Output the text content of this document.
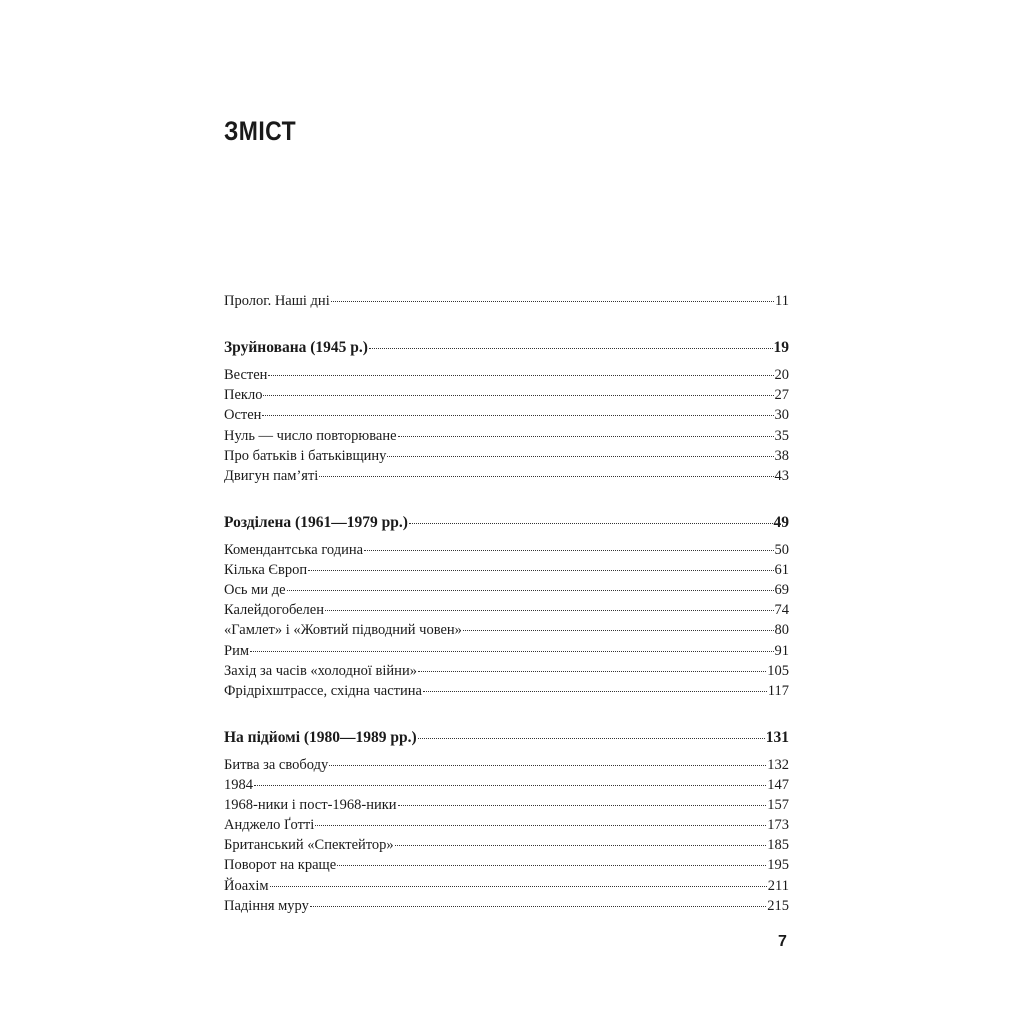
ЗМІСТ
Пролог. Наші дні	11
Зруйнована (1945 р.)	19
Вестен	20
Пекло	27
Остен	30
Нуль — число повторюване	35
Про батьків і батьківщину	38
Двигун пам’яті	43
Розділена (1961—1979 рр.)	49
Комендантська година	50
Кілька Європ	61
Ось ми де	69
Калейдогобелен	74
«Гамлет» і «Жовтий підводний човен»	80
Рим	91
Захід за часів «холодної війни»	105
Фрідріхштрассе, східна частина	117
На підйомі (1980—1989 рр.)	131
Битва за свободу	132
1984	147
1968-ники і пост-1968-ники	157
Анджело Ґотті	173
Британський «Спектейтор»	185
Поворот на краще	195
Йоахім	211
Падіння муру	215
7
